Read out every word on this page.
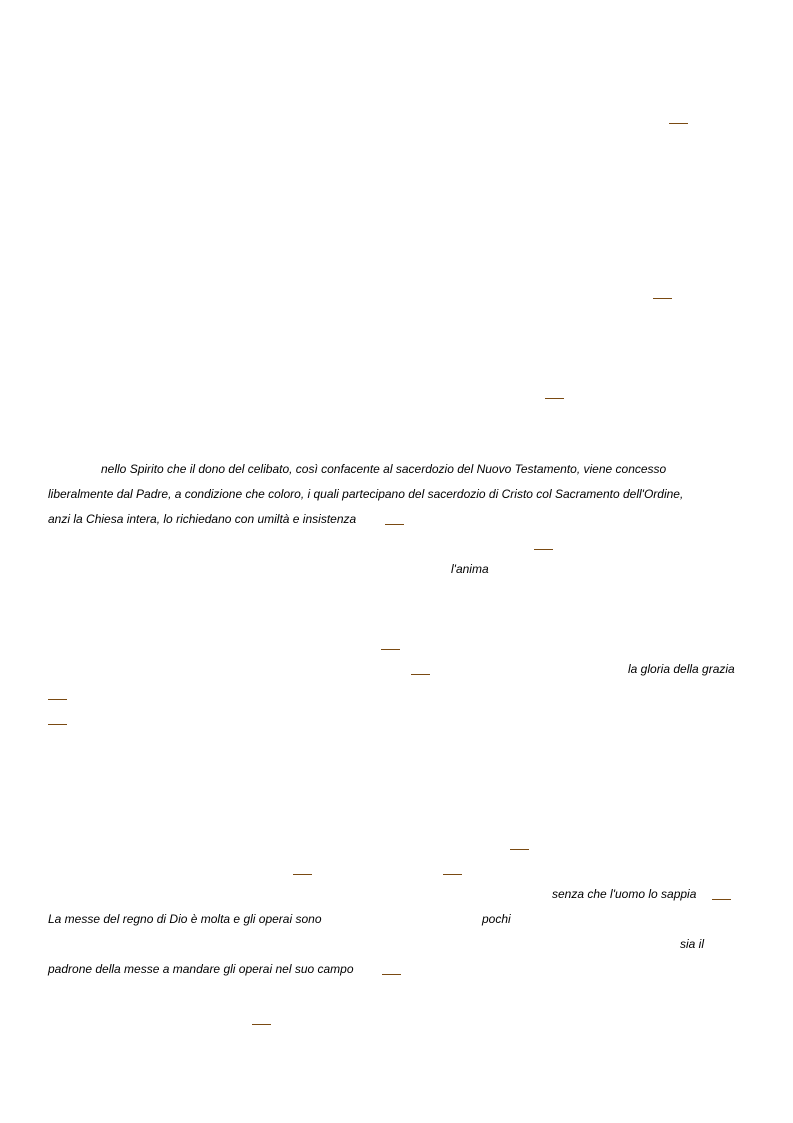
nello Spirito che il dono del celibato, così confacente al sacerdozio del Nuovo Testamento, viene concesso
liberalmente dal Padre, a condizione che coloro, i quali partecipano del sacerdozio di Cristo col Sacramento dell'Ordine,
anzi la Chiesa intera, lo richiedano con umiltà e insistenza
l'anima
la gloria della grazia
senza che l'uomo lo sappia
La messe del regno di Dio è molta e gli operai sono	pochi
sia il
padrone della messe a mandare gli operai nel suo campo
